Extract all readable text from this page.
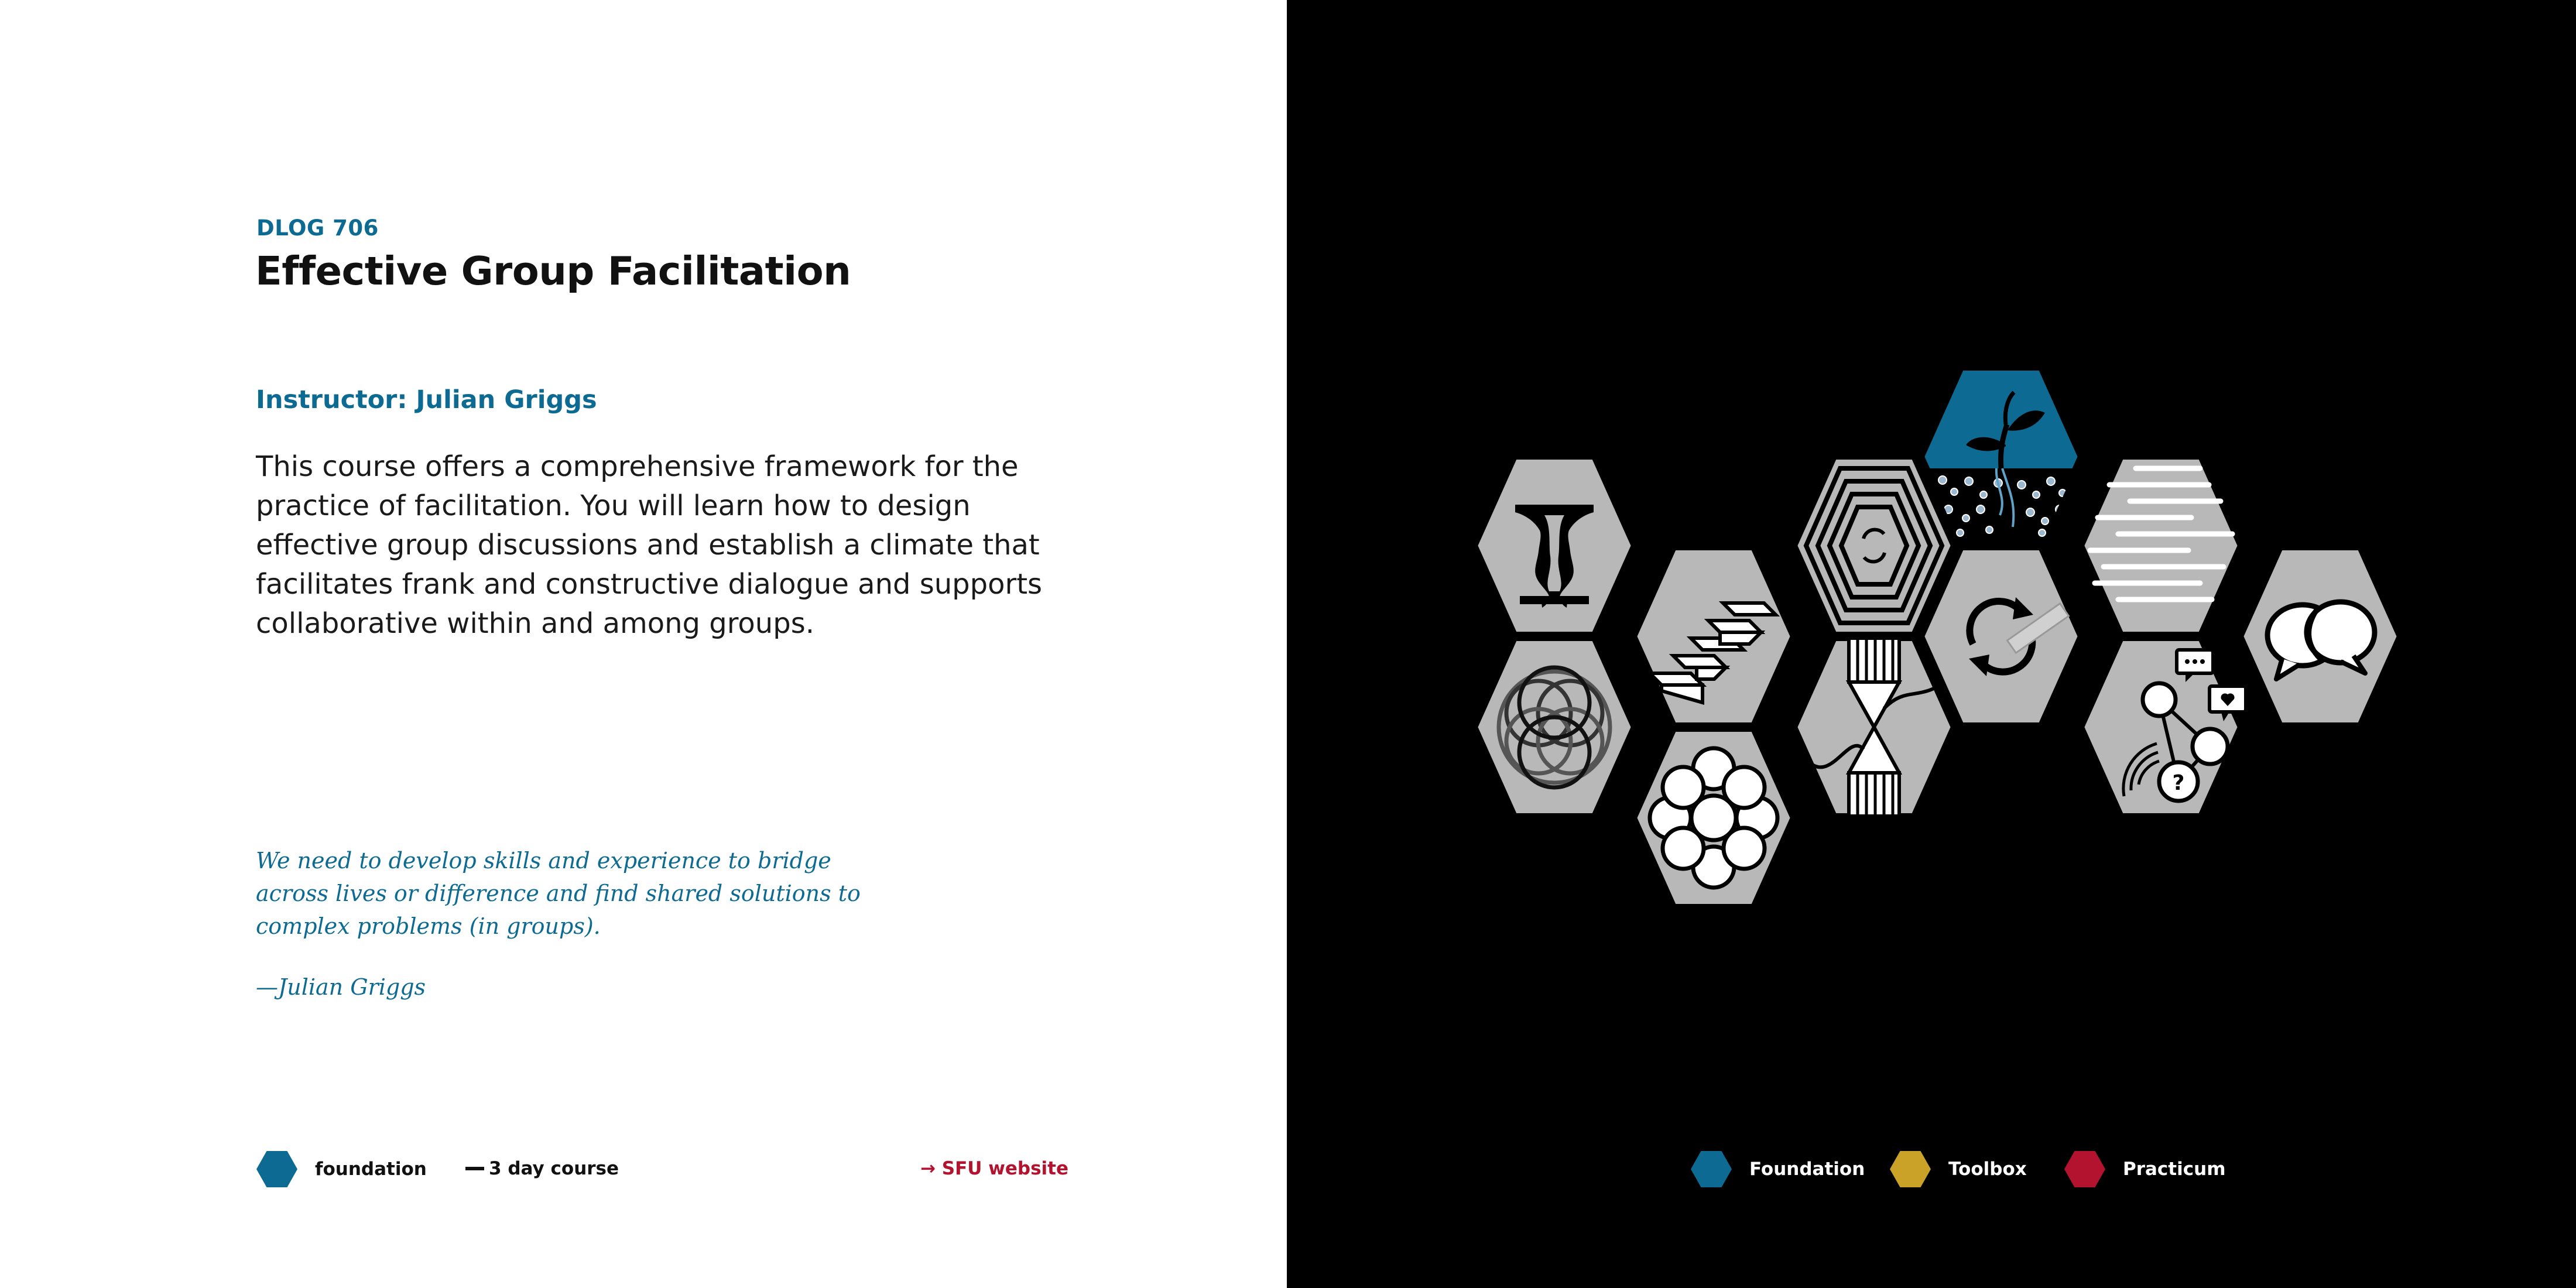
DLOG 706
Effective Group Facilitation
Instructor: Julian Griggs
This course offers a comprehensive framework for the practice of facilitation. You will learn how to design effective group discussions and establish a climate that facilitates frank and constructive dialogue and supports collaborative within and among groups.
We need to develop skills and experience to bridge across lives or difference and find shared solutions to complex problems (in groups).
—Julian Griggs
foundation	3 day course	→ SFU website
?
Foundation	Toolbox	Practicum
